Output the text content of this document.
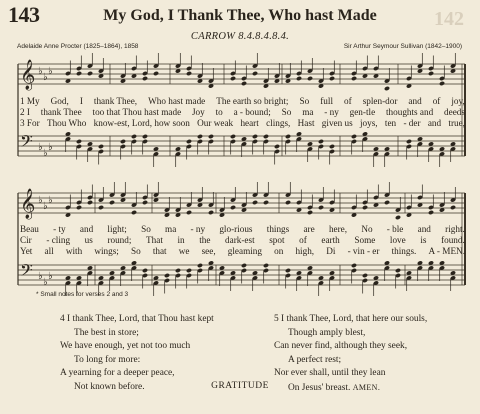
143	My God, I Thank Thee, Who hast Made	142
CARROW 8.4.8.4.8.4.
Adelaide Anne Procter (1825–1864), 1858	Sir Arthur Seymour Sullivan (1842–1900)
𝄞
𝄢
♭
♭
♭
♭
♭
♭
𝄞
𝄢
♭
♭
♭
♭
♭
♭
1 My God, I thank Thee, Who hast made The earth so bright; So full of splen-dor and of joy,
2 I thank Thee too that Thou hast made Joy to a - bound; So ma - ny gen-tle thoughts and deeds
3 For Thou Who know-est, Lord, how soon Our weak heart clings, Hast given us joys, ten - der and true,
Beau - ty and light; So ma - ny glo-rious things are here, No - ble and right.
Cir - cling us round; That in the dark-est spot of earth Some love is found.
Yet all with wings; So that we see, gleaming on high, Di - vin - er things. A - MEN.
* Small notes for verses 2 and 3
4 I thank Thee, Lord, that Thou hast kept
The best in store;
We have enough, yet not too much
To long for more:
A yearning for a deeper peace,
Not known before.
5 I thank Thee, Lord, that here our souls,
Though amply blest,
Can never find, although they seek,
A perfect rest;
Nor ever shall, until they lean
On Jesus' breast. AMEN.
GRATITUDE
